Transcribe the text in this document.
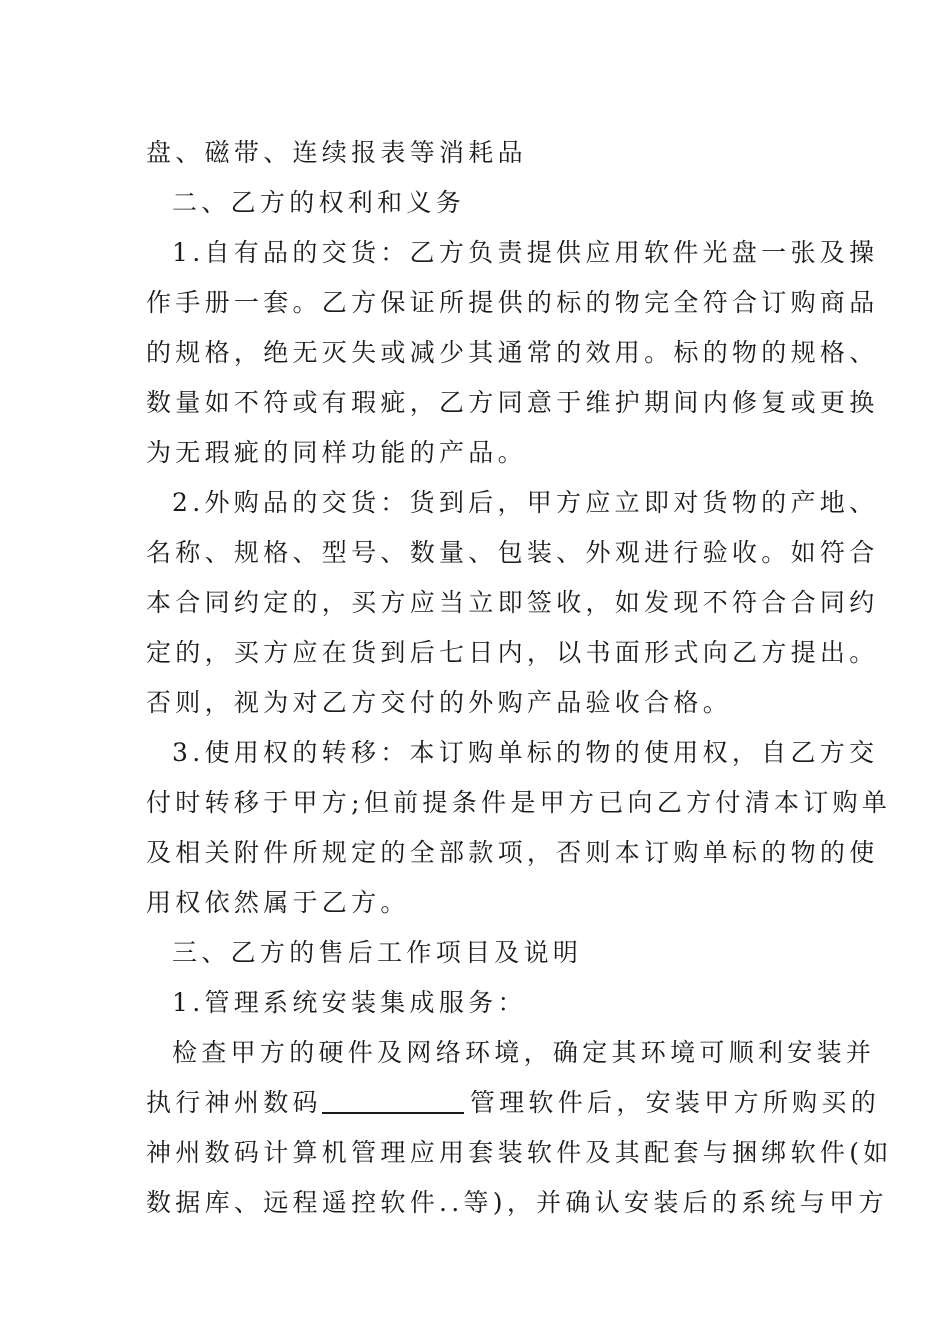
盘、磁带、连续报表等消耗品
二、乙方的权利和义务
1.自有品的交货：乙方负责提供应用软件光盘一张及操
作手册一套。乙方保证所提供的标的物完全符合订购商品
的规格，绝无灭失或减少其通常的效用。标的物的规格、
数量如不符或有瑕疵，乙方同意于维护期间内修复或更换
为无瑕疵的同样功能的产品。
2.外购品的交货：货到后，甲方应立即对货物的产地、
名称、规格、型号、数量、包装、外观进行验收。如符合
本合同约定的，买方应当立即签收，如发现不符合合同约
定的，买方应在货到后七日内，以书面形式向乙方提出。
否则，视为对乙方交付的外购产品验收合格。
3.使用权的转移：本订购单标的物的使用权，自乙方交
付时转移于甲方;但前提条件是甲方已向乙方付清本订购单
及相关附件所规定的全部款项，否则本订购单标的物的使
用权依然属于乙方。
三、乙方的售后工作项目及说明
1.管理系统安装集成服务：
检查甲方的硬件及网络环境，确定其环境可顺利安装并
执行神州数码	管理软件后，安装甲方所购买的
神州数码计算机管理应用套装软件及其配套与捆绑软件(如
数据库、远程遥控软件..等)，并确认安装后的系统与甲方
